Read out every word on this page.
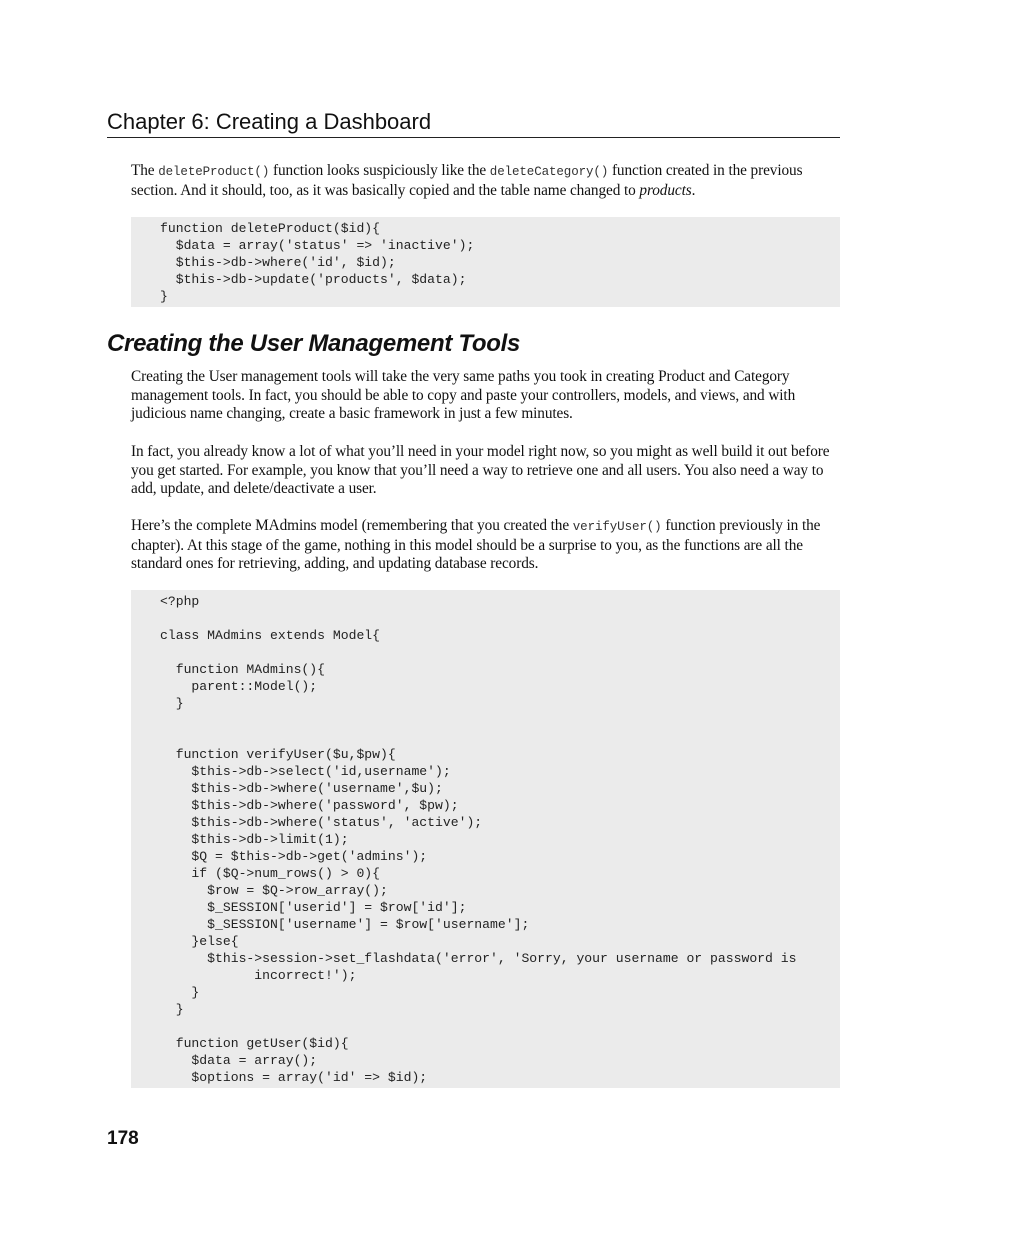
Chapter 6: Creating a Dashboard
The deleteProduct() function looks suspiciously like the deleteCategory() function created in the previous section. And it should, too, as it was basically copied and the table name changed to products.
function deleteProduct($id){
$data = array('status' => 'inactive');
$this->db->where('id', $id);
$this->db->update('products', $data);
}
Creating the User Management Tools
Creating the User management tools will take the very same paths you took in creating Product and Category management tools. In fact, you should be able to copy and paste your controllers, models, and views, and with judicious name changing, create a basic framework in just a few minutes.
In fact, you already know a lot of what you’ll need in your model right now, so you might as well build it out before you get started. For example, you know that you’ll need a way to retrieve one and all users. You also need a way to add, update, and delete/deactivate a user.
Here’s the complete MAdmins model (remembering that you created the verifyUser() function previously in the chapter). At this stage of the game, nothing in this model should be a surprise to you, as the functions are all the standard ones for retrieving, adding, and updating database records.
<?php

class MAdmins extends Model{

function MAdmins(){
parent::Model();
}

function verifyUser($u,$pw){
$this->db->select('id,username');
$this->db->where('username',$u);
$this->db->where('password', $pw);
$this->db->where('status', 'active');
$this->db->limit(1);
$Q = $this->db->get('admins');
if ($Q->num_rows() > 0){
$row = $Q->row_array();
$_SESSION['userid'] = $row['id'];
$_SESSION['username'] = $row['username'];
}else{
$this->session->set_flashdata('error', 'Sorry, your username or password is
incorrect!');
}
}

function getUser($id){
$data = array();
$options = array('id' => $id);
178
